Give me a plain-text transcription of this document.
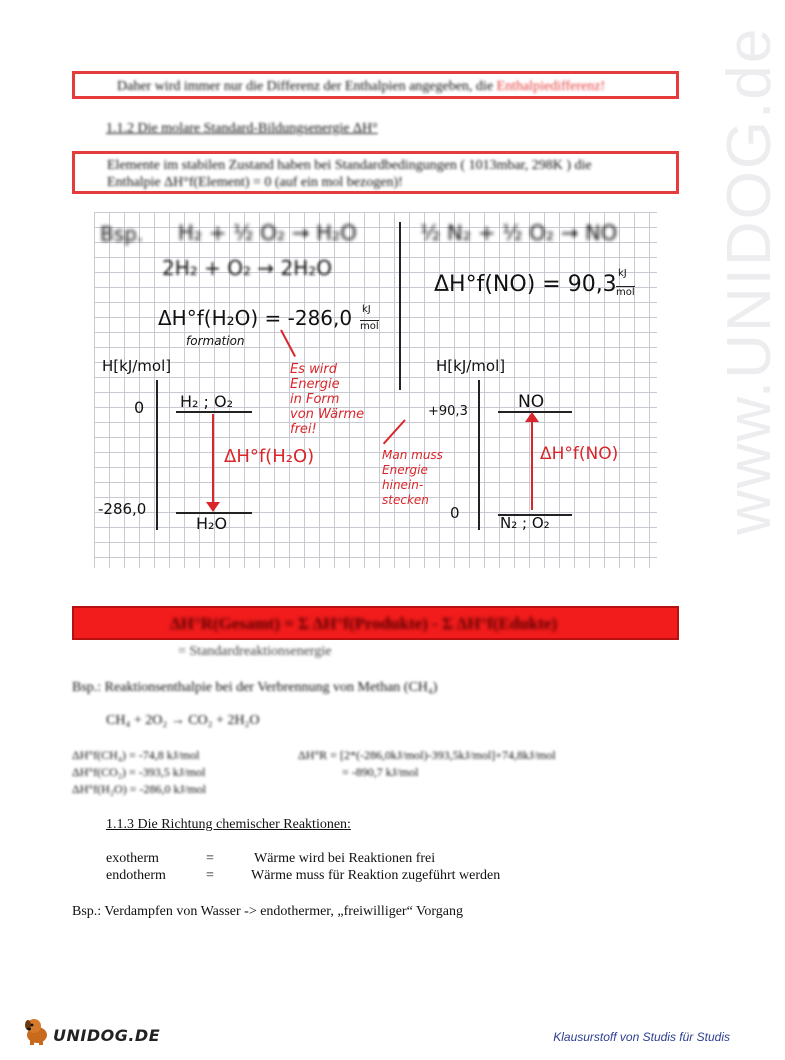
www.UNIDOG.de
Daher wird immer nur die Differenz der Enthalpien angegeben, die Enthalpiedifferenz!
1.1.2 Die molare Standard-Bildungsenergie ΔH°
Elemente im stabilen Zustand haben bei Standardbedingungen ( 1013mbar, 298K ) die
Enthalpie ΔH°f(Element) = 0 (auf ein mol bezogen)!
Bsp. H₂ + ½ O₂ → H₂O
2H₂ + O₂ → 2H₂O
½ N₂ + ½ O₂ → NO
ΔH°f(NO) = 90,3 kJ
mol
ΔH°f(H₂O) = -286,0 kJ
mol
formation
H[kJ/mol]
0 H₂ ; O₂
-286,0
H₂O
ΔH°f(H₂O)
Es wird
Energie
in Form
von Wärme
frei!
H[kJ/mol]
+90,3	NO
0
N₂ ; O₂
ΔH°f(NO)
Man muss
Energie
hinein-
stecken
ΔH°R(Gesamt) = Σ ΔH°f(Produkte) - Σ ΔH°f(Edukte)
= Standardreaktionsenergie
Bsp.: Reaktionsenthalpie bei der Verbrennung von Methan (CH₄)
CH₄ + 2O₂ → CO₂ + 2H₂O
ΔH°f(CH₄) = -74,8 kJ/mol
ΔH°f(CO₂) = -393,5 kJ/mol
ΔH°f(H₂O) = -286,0 kJ/mol
ΔH°R = [2*(-286,0kJ/mol)-393,5kJ/mol]+74,8kJ/mol
= -890,7 kJ/mol
1.1.3 Die Richtung chemischer Reaktionen:
exotherm	=	Wärme wird bei Reaktionen frei
endotherm	=	Wärme muss für Reaktion zugeführt werden
Bsp.: Verdampfen von Wasser -> endothermer, „freiwilliger“ Vorgang
UNIDOG.DE	Klausurstoff von Studis für Studis
